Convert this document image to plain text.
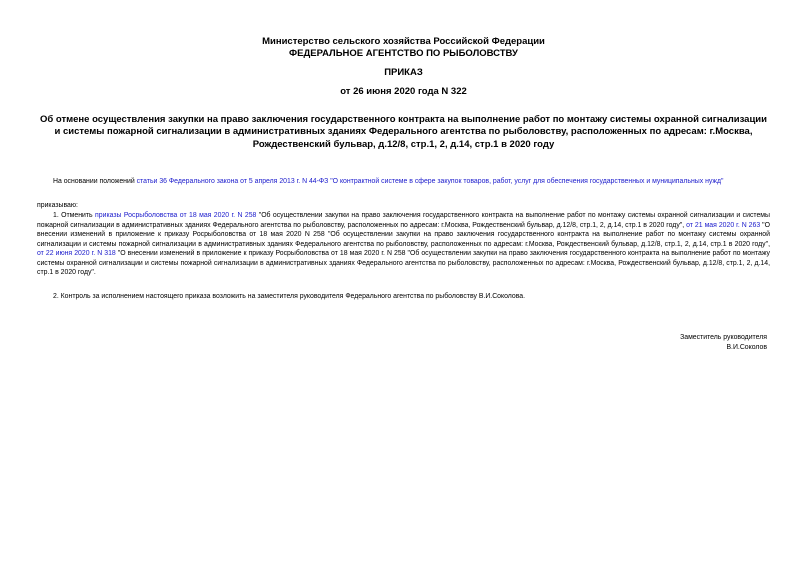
Министерство сельского хозяйства Российской Федерации
ФЕДЕРАЛЬНОЕ АГЕНТСТВО ПО РЫБОЛОВСТВУ
ПРИКАЗ
от 26 июня 2020 года N 322
Об отмене осуществления закупки на право заключения государственного контракта на выполнение работ по монтажу системы охранной сигнализации и системы пожарной сигнализации в административных зданиях Федерального агентства по рыболовству, расположенных по адресам: г.Москва, Рождественский бульвар, д.12/8, стр.1, 2, д.14, стр.1 в 2020 году
На основании положений статьи 36 Федерального закона от 5 апреля 2013 г. N 44-ФЗ "О контрактной системе в сфере закупок товаров, работ, услуг для обеспечения государственных и муниципальных нужд"
приказываю:
1. Отменить приказы Росрыболовства от 18 мая 2020 г. N 258 "Об осуществлении закупки на право заключения государственного контракта на выполнение работ по монтажу системы охранной сигнализации и системы пожарной сигнализации в административных зданиях Федерального агентства по рыболовству, расположенных по адресам: г.Москва, Рождественский бульвар, д.12/8, стр.1, 2, д.14, стр.1 в 2020 году", от 21 мая 2020 г. N 263 "О внесении изменений в приложение к приказу Росрыболовства от 18 мая 2020 N 258 "Об осуществлении закупки на право заключения государственного контракта на выполнение работ по монтажу системы охранной сигнализации и системы пожарной сигнализации в административных зданиях Федерального агентства по рыболовству, расположенных по адресам: г.Москва, Рождественский бульвар, д.12/8, стр.1, 2, д.14, стр.1 в 2020 году", от 22 июня 2020 г. N 318 "О внесении изменений в приложение к приказу Росрыболовства от 18 мая 2020 г. N 258 "Об осуществлении закупки на право заключения государственного контракта на выполнение работ по монтажу системы охранной сигнализации и системы пожарной сигнализации в административных зданиях Федерального агентства по рыболовству, расположенных по адресам: г.Москва, Рождественский бульвар, д.12/8, стр.1, 2, д.14, стр.1 в 2020 году".
2. Контроль за исполнением настоящего приказа возложить на заместителя руководителя Федерального агентства по рыболовству В.И.Соколова.
Заместитель руководителя
В.И.Соколов
